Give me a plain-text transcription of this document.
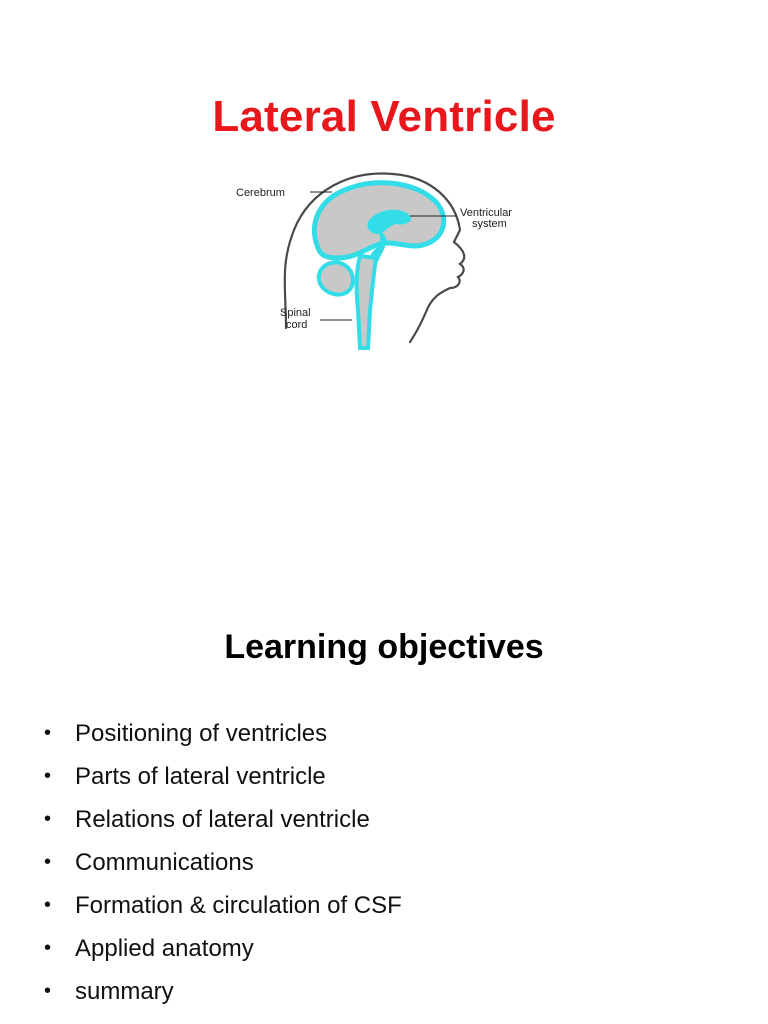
Lateral Ventricle
Cerebrum
Ventricular
system
Spinal
cord
Learning objectives
• Positioning of ventricles
• Parts of lateral ventricle
• Relations of lateral ventricle
• Communications
• Formation & circulation of CSF
• Applied anatomy
• summary
